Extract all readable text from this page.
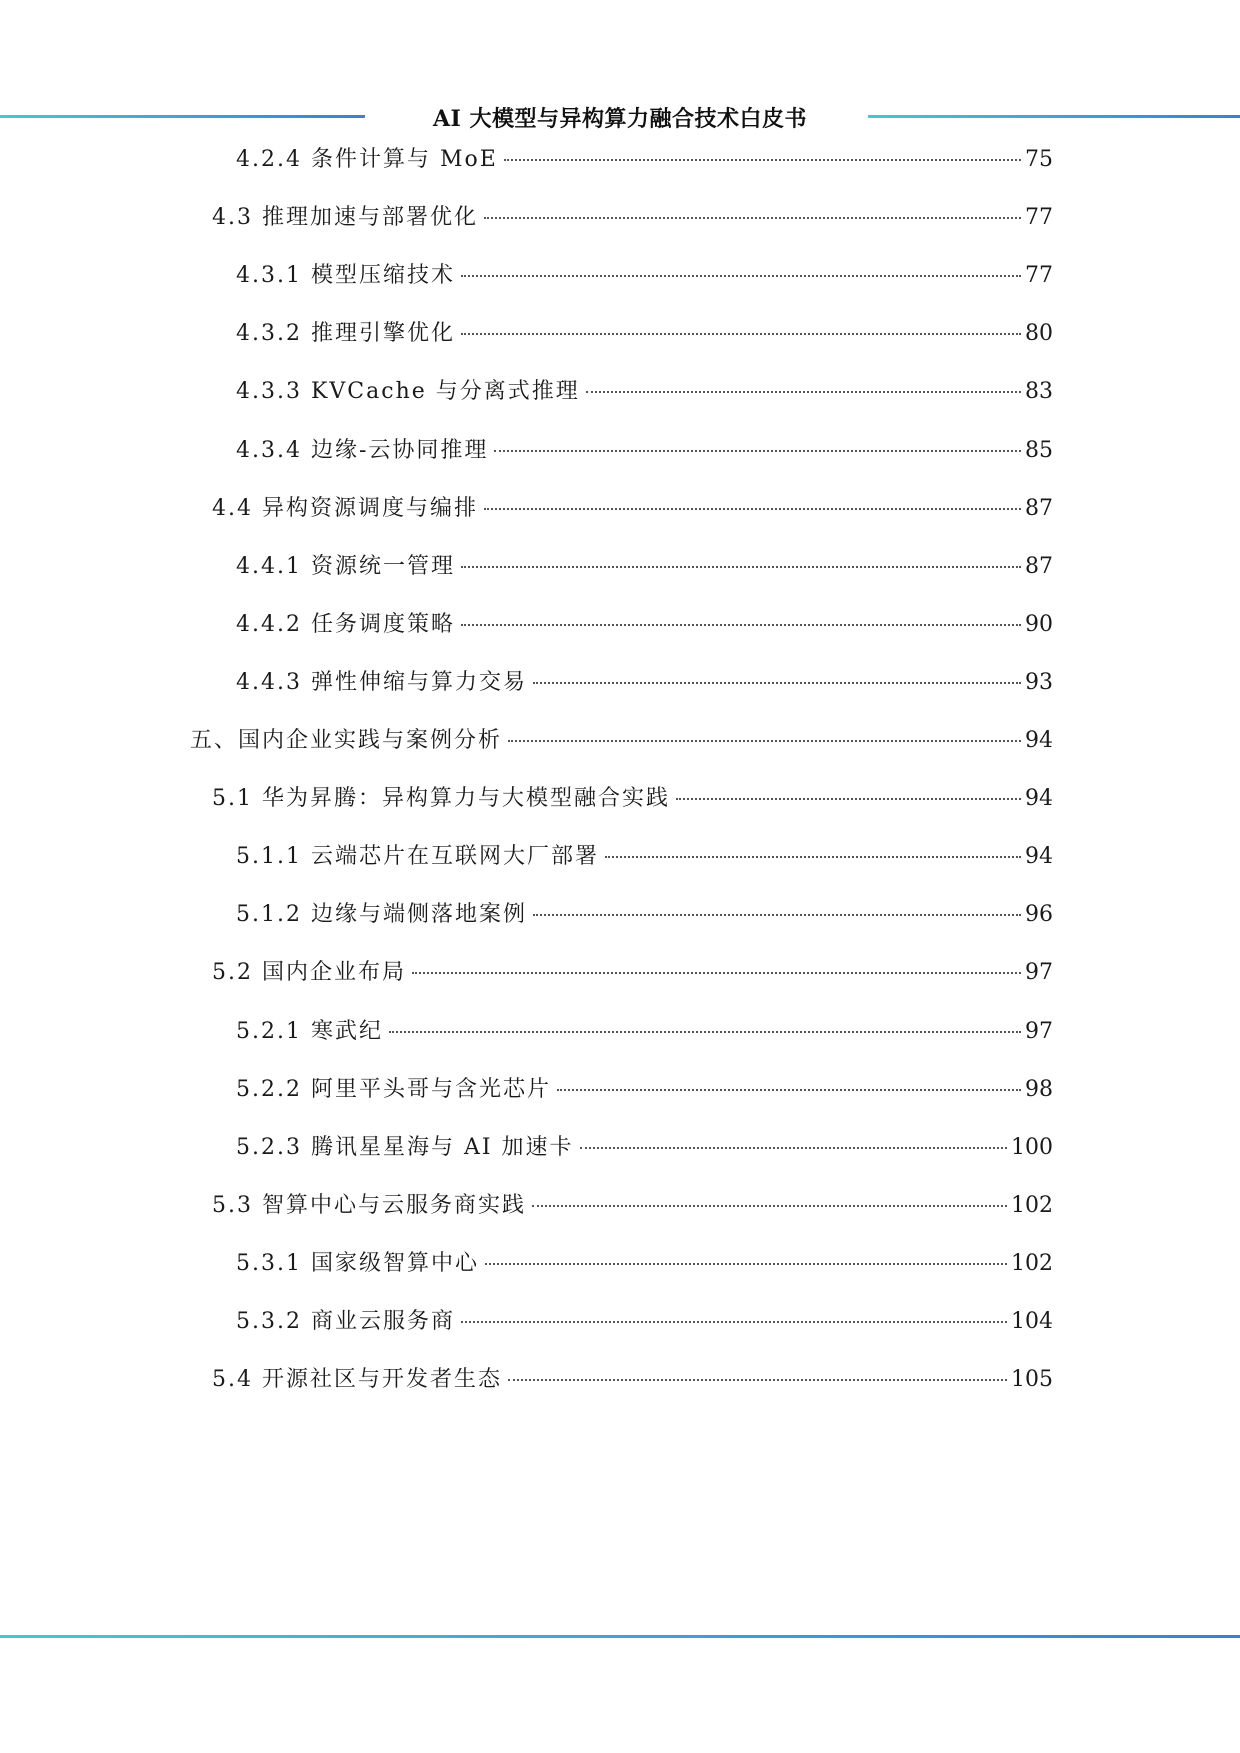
AI 大模型与异构算力融合技术白皮书
4.2.4 条件计算与 MoE	75
4.3 推理加速与部署优化	77
4.3.1 模型压缩技术	77
4.3.2 推理引擎优化	80
4.3.3 KVCache 与分离式推理	83
4.3.4 边缘-云协同推理	85
4.4 异构资源调度与编排	87
4.4.1 资源统一管理	87
4.4.2 任务调度策略	90
4.4.3 弹性伸缩与算力交易	93
五、国内企业实践与案例分析	94
5.1 华为昇腾：异构算力与大模型融合实践	94
5.1.1 云端芯片在互联网大厂部署	94
5.1.2 边缘与端侧落地案例	96
5.2 国内企业布局	97
5.2.1 寒武纪	97
5.2.2 阿里平头哥与含光芯片	98
5.2.3 腾讯星星海与 AI 加速卡	100
5.3 智算中心与云服务商实践	102
5.3.1 国家级智算中心	102
5.3.2 商业云服务商	104
5.4 开源社区与开发者生态	105
